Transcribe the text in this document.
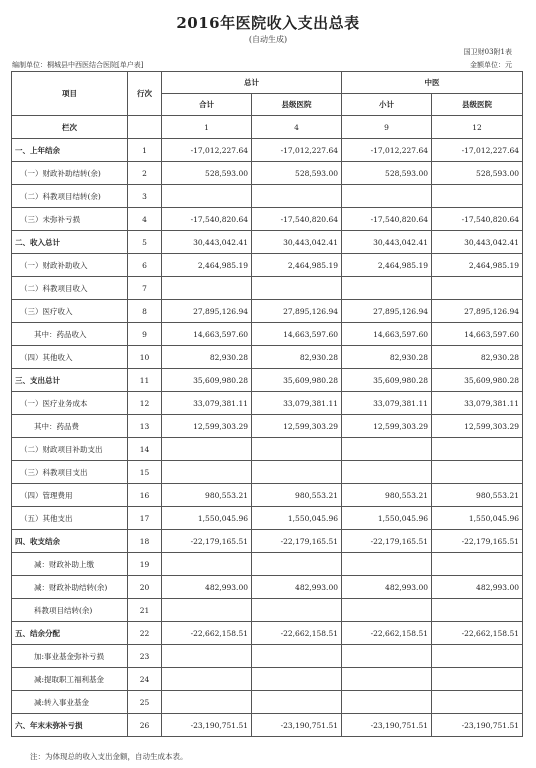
2016年医院收入支出总表
(自动生成)
国卫财03附1表
编制单位：桐城县中西医结合医院[单户表]	金额单位：元
项目	行次	总计		中医	
		合计	县级医院	小计	县级医院
栏次		1	4	9	12
一、上年结余	1	-17,012,227.64	-17,012,227.64	-17,012,227.64	-17,012,227.64
（一）财政补助结转(余)	2	528,593.00	528,593.00	528,593.00	528,593.00
（二）科教项目结转(余)	3				
（三）未弥补亏损	4	-17,540,820.64	-17,540,820.64	-17,540,820.64	-17,540,820.64
二、收入总计	5	30,443,042.41	30,443,042.41	30,443,042.41	30,443,042.41
（一）财政补助收入	6	2,464,985.19	2,464,985.19	2,464,985.19	2,464,985.19
（二）科教项目收入	7				
（三）医疗收入	8	27,895,126.94	27,895,126.94	27,895,126.94	27,895,126.94
其中：药品收入	9	14,663,597.60	14,663,597.60	14,663,597.60	14,663,597.60
（四）其他收入	10	82,930.28	82,930.28	82,930.28	82,930.28
三、支出总计	11	35,609,980.28	35,609,980.28	35,609,980.28	35,609,980.28
（一）医疗业务成本	12	33,079,381.11	33,079,381.11	33,079,381.11	33,079,381.11
其中：药品费	13	12,599,303.29	12,599,303.29	12,599,303.29	12,599,303.29
（二）财政项目补助支出	14				
（三）科教项目支出	15				
（四）管理费用	16	980,553.21	980,553.21	980,553.21	980,553.21
（五）其他支出	17	1,550,045.96	1,550,045.96	1,550,045.96	1,550,045.96
四、收支结余	18	-22,179,165.51	-22,179,165.51	-22,179,165.51	-22,179,165.51
减：财政补助上缴	19				
减：财政补助结转(余)	20	482,993.00	482,993.00	482,993.00	482,993.00
科教项目结转(余)	21				
五、结余分配	22	-22,662,158.51	-22,662,158.51	-22,662,158.51	-22,662,158.51
加:事业基金弥补亏损	23				
减:提取职工福利基金	24				
减:转入事业基金	25				
六、年末未弥补亏损	26	-23,190,751.51	-23,190,751.51	-23,190,751.51	-23,190,751.51
注：为体现总的收入支出金额，自动生成本表。
